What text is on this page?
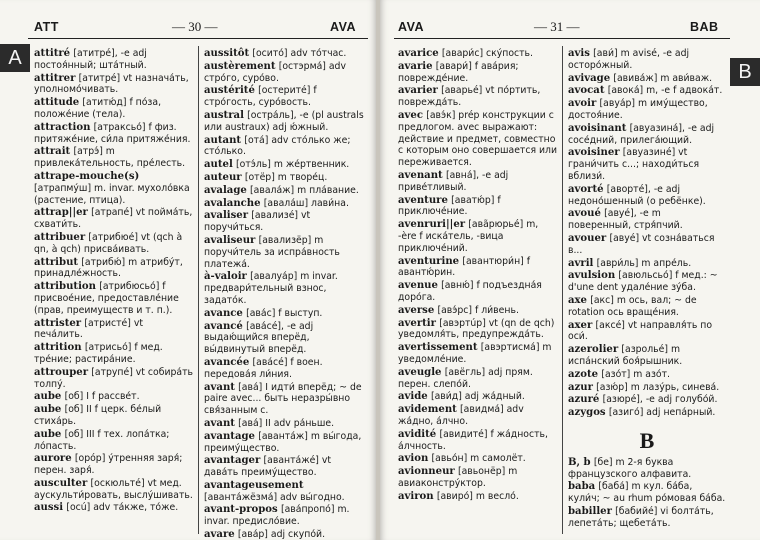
ATT	— 30 —	AVA
A	attitré [атитрé], -e adj постоя́нный; шта́тный.
attitrer [атитрé] vt назнача́ть, уполномо́чивать.
attitude [атитю́д] f по́за, положе́ние (тела).
attraction [атраксьо́] f физ. притяже́ние, си́ла притяже́ния.
attrait [атрэ́] m привлека́тельность, пре́лесть.
attrape-mouche(s) [атрапму́ш] m. invar. мухоло́вка (растение, птица).
attrap||er [атрапé] vt пойма́ть, схвати́ть.
attribuer [атрибюé] vt (qch à qn, à qch) присва́ивать.
attribut [атрибю́] m атрибу́т, принадле́жность.
attribution [атрибюсьо́] f присвое́ние, предоставле́ние (прав, преимуществ и т. п.).
attrister [атристé] vt печа́лить.
attrition [атрисьо́] f мед. тре́ние; растира́ние.
attrouper [атрупé] vt собира́ть толпу́.
aube [об] I f рассве́т.
aube [об] II f церк. бе́лый стиха́рь.
aube [об] III f тех. лопа́тка; ло́пасть.
aurore [орóр] у́тренняя заря́; перен. заря́.
ausculter [оскюльтé] vt мед. аускульти́ровать, выслу́шивать.
aussi [осú] adv та́кже, то́же.
aussitôt [осито́] adv то́тчас.
austèrement [остэрма́] adv стро́го, суро́во.
austérité [остеритé] f стро́гость, суро́вость.
austral [остра́ль], -e (pl australs или austraux) adj ю́жный.
autant [ота́] adv сто́лько же; сто́лько.
autel [отэ́ль] m же́ртвенник.
auteur [отёр] m творе́ц.
avalage [авала́ж] m пла́вание.
avalanche [авала́ш] лави́на.
avaliser [авализé] vt поручи́ться.
avaliseur [авализёр] m поручи́тель за испра́вность платежа́.
à-valoir [авалуа́р] m invar. предвари́тельный взнос, задато́к.
avance [ава́с] f выступ.
avancé [ава́сé], -e adj выдаю́щийся вперёд, вы́двинутый вперёд.
avancée [ава́сé] f воен. передова́я ли́ния.
avant [ава́] I идти́ вперёд; ~ de paire avec... быть неразры́вно свя́занным с.
avant [ава́] II adv ра́ньше.
avantage [аванта́ж] m вы́года, преиму́щество.
avantager [аванта́жé] vt дава́ть преиму́щество.
avantageusement [аванта́жёзма́] adv вы́годно.
avant-propos [ава́пропо́] m. invar. предисло́вие.
avare [ава́р] adj скупо́й.
AVA	— 31 —	BAB
B
avarice [авари́с] ску́пость.
avarie [авари́] f ава́рия; поврежде́ние.
avarier [аварьé] vt по́ртить, поврежда́ть.
avec [авэ́к] prép конструкции с предлогом. avec выражают: действие и предмет, совместно с которым оно совершается или переживается.
avenant [авна́], -e adj приве́тливый.
aventure [аватю́р] f приключе́ние.
avenruri||er [ава̃рюрьé] m, -ère f иска́тель, -вица приключе́ний.
aventurine [авантюри́н] f авантю́рин.
avenue [авню́] f подъездна́я доро́га.
averse [авэ́рс] f ли́вень.
avertir [авэртúр] vt (qn de qch) уведомля́ть, предупрежда́ть.
avertissement [авэртисма́] m уведомле́ние.
aveugle [авёгль] adj прям. перен. слепо́й.
avide [ави́д] adj жа́дный.
avidement [авидма́] adv жа́дно, а́лчно.
avidité [авидитé] f жа́дность, а́лчность.
avion [авьо́н] m самолёт.
avionneur [авьонёр] m авиаконстру́ктор.
aviron [авиро́] m весло́.
avis [ави́] m avisé, -e adj осторо́жный.
avivage [авива́ж] m ави́важ.
avocat [авока́] m, -e f адвока́т.
avoir [авуа́р] m иму́щество, достоя́ние.
avoisinant [авуазина́], -e adj сосе́дний, прилега́ющий.
avoisiner [авуазинé] vt грани́чить с...; находи́ться вблизи́.
avorté [авортé], -e adj недоно́шенный (о ребёнке).
avoué [авуé], -e m поверенный, стря́пчий.
avouer [авуé] vt созна́ваться в...
avril [аври́ль] m апре́ль.
avulsion [авюльсьо́] f мед.: ~ d'une dent удале́ние зу́ба.
axe [акс] m ось, вал; ~ de rotation ось враще́ния.
axer [аксé] vt направля́ть по оси́.
azerolier [азрольé] m испа́нский боя́рышник.
azote [азо́т] m азо́т.
azur [азю́р] m лазу́рь, синева́.
azuré [азюрé], -e adj голубо́й.
azygos [азиго́] adj непа́рный.
B
B, b [бе] m 2-я буква французского алфавита.
baba [баба́] m кул. ба́ба, кули́ч; ~ au rhum ро́мовая ба́ба.
babiller [бабийé] vi болта́ть, лепета́ть; щебета́ть.
